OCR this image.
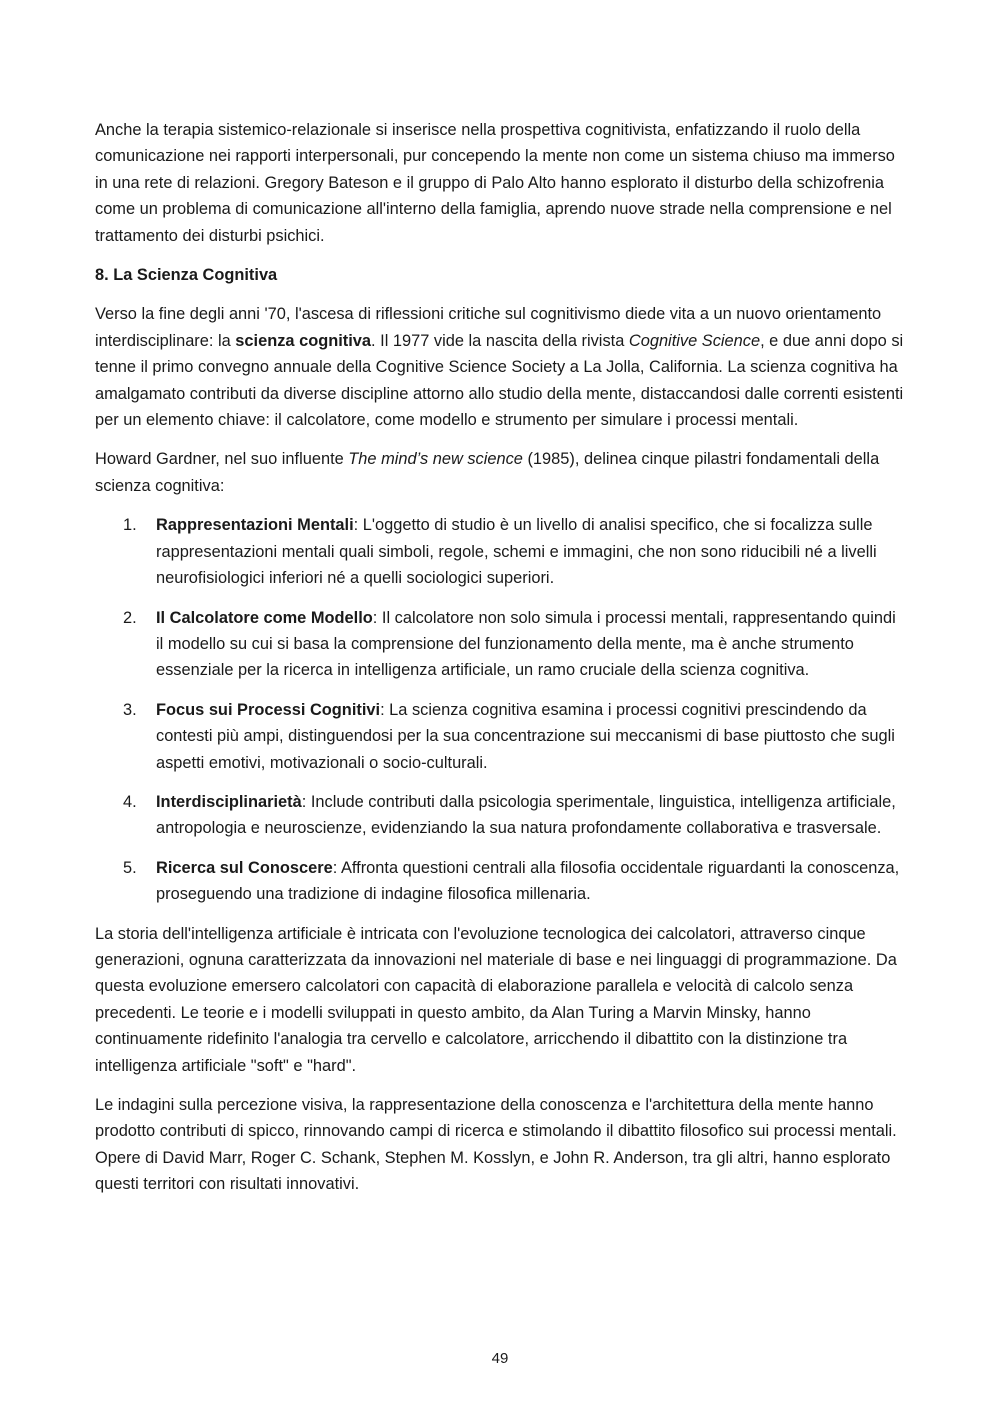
Anche la terapia sistemico-relazionale si inserisce nella prospettiva cognitivista, enfatizzando il ruolo della comunicazione nei rapporti interpersonali, pur concependo la mente non come un sistema chiuso ma immerso in una rete di relazioni. Gregory Bateson e il gruppo di Palo Alto hanno esplorato il disturbo della schizofrenia come un problema di comunicazione all'interno della famiglia, aprendo nuove strade nella comprensione e nel trattamento dei disturbi psichici.

8. La Scienza Cognitiva

Verso la fine degli anni '70, l'ascesa di riflessioni critiche sul cognitivismo diede vita a un nuovo orientamento interdisciplinare: la scienza cognitiva. Il 1977 vide la nascita della rivista Cognitive Science, e due anni dopo si tenne il primo convegno annuale della Cognitive Science Society a La Jolla, California. La scienza cognitiva ha amalgamato contributi da diverse discipline attorno allo studio della mente, distaccandosi dalle correnti esistenti per un elemento chiave: il calcolatore, come modello e strumento per simulare i processi mentali.

Howard Gardner, nel suo influente The mind’s new science (1985), delinea cinque pilastri fondamentali della scienza cognitiva:

1. Rappresentazioni Mentali: L'oggetto di studio è un livello di analisi specifico, che si focalizza sulle rappresentazioni mentali quali simboli, regole, schemi e immagini, che non sono riducibili né a livelli neurofisiologici inferiori né a quelli sociologici superiori.
2. Il Calcolatore come Modello: Il calcolatore non solo simula i processi mentali, rappresentando quindi il modello su cui si basa la comprensione del funzionamento della mente, ma è anche strumento essenziale per la ricerca in intelligenza artificiale, un ramo cruciale della scienza cognitiva.
3. Focus sui Processi Cognitivi: La scienza cognitiva esamina i processi cognitivi prescindendo da contesti più ampi, distinguendosi per la sua concentrazione sui meccanismi di base piuttosto che sugli aspetti emotivi, motivazionali o socio-culturali.
4. Interdisciplinarietà: Include contributi dalla psicologia sperimentale, linguistica, intelligenza artificiale, antropologia e neuroscienze, evidenziando la sua natura profondamente collaborativa e trasversale.
5. Ricerca sul Conoscere: Affronta questioni centrali alla filosofia occidentale riguardanti la conoscenza, proseguendo una tradizione di indagine filosofica millenaria.

La storia dell'intelligenza artificiale è intricata con l'evoluzione tecnologica dei calcolatori, attraverso cinque generazioni, ognuna caratterizzata da innovazioni nel materiale di base e nei linguaggi di programmazione. Da questa evoluzione emersero calcolatori con capacità di elaborazione parallela e velocità di calcolo senza precedenti. Le teorie e i modelli sviluppati in questo ambito, da Alan Turing a Marvin Minsky, hanno continuamente ridefinito l'analogia tra cervello e calcolatore, arricchendo il dibattito con la distinzione tra intelligenza artificiale "soft" e "hard".

Le indagini sulla percezione visiva, la rappresentazione della conoscenza e l'architettura della mente hanno prodotto contributi di spicco, rinnovando campi di ricerca e stimolando il dibattito filosofico sui processi mentali. Opere di David Marr, Roger C. Schank, Stephen M. Kosslyn, e John R. Anderson, tra gli altri, hanno esplorato questi territori con risultati innovativi.

49
